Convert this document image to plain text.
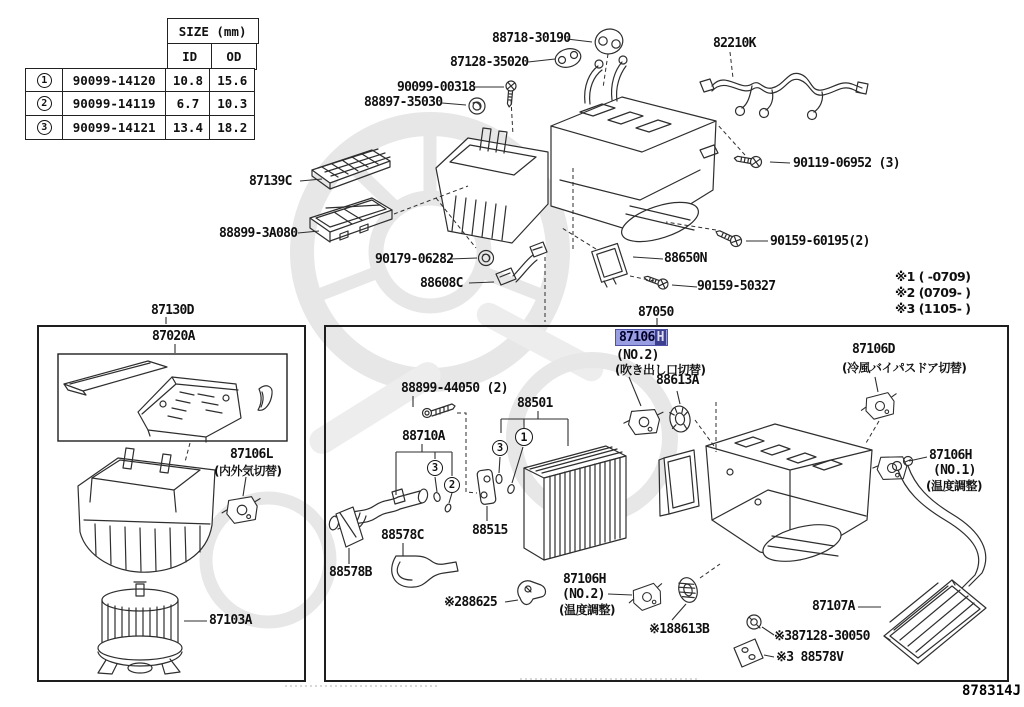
SIZE (mm)
ID	OD
1	90099-14120	10.8	15.6
2	90099-14119	6.7	10.3
3	90099-14121	13.4	18.2
88718-30190
87128-35020
90099-00318
88897-35030
82210K
90119-06952 (3)
87139C
88899-3A080
90179-06282
88608C
88650N
90159-60195(2)
90159-50327
87050
※1 ( -0709)
※2 (0709- )
※3 (1105- )
87130D
87020A
87106L
(内外気切替)
87103A
87106 H
(NO.2)
(吹き出し口切替)
88613A
87106D
(冷風バイパスドア切替)
88899-44050 (2)
88501
88710A
88515
88578C
88578B
※288625
87106H
(NO.2)
(温度調整)
87106H
(NO.1)
(温度調整)
※188613B
87107A
※387128-30050
※3 88578V
878314J
3
1
3
2
